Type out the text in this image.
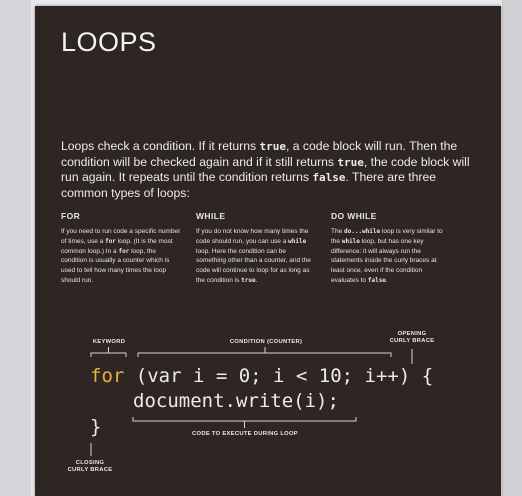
LOOPS
Loops check a condition. If it returns true, a code block will run. Then the condition will be checked again and if it still returns true, the code block will run again. It repeats until the condition returns false. There are three common types of loops:
FOR
If you need to run code a specific number of times, use a for loop. (It is the most common loop.) In a for loop, the condition is usually a counter which is used to tell how many times the loop should run.
WHILE
If you do not know how many times the code should run, you can use a while loop. Here the condition can be something other than a counter, and the code will continue to loop for as long as the condition is true.
DO WHILE
The do...while loop is very similar to the while loop, but has one key difference: it will always run the statements inside the curly braces at least once, even if the condition evaluates to false.
KEYWORD	CONDITION (COUNTER)
OPENING
CURLY BRACE
CODE TO EXECUTE DURING LOOP
CLOSING
CURLY BRACE
for (var i = 0; i < 10; i++) {
document.write(i);
}
